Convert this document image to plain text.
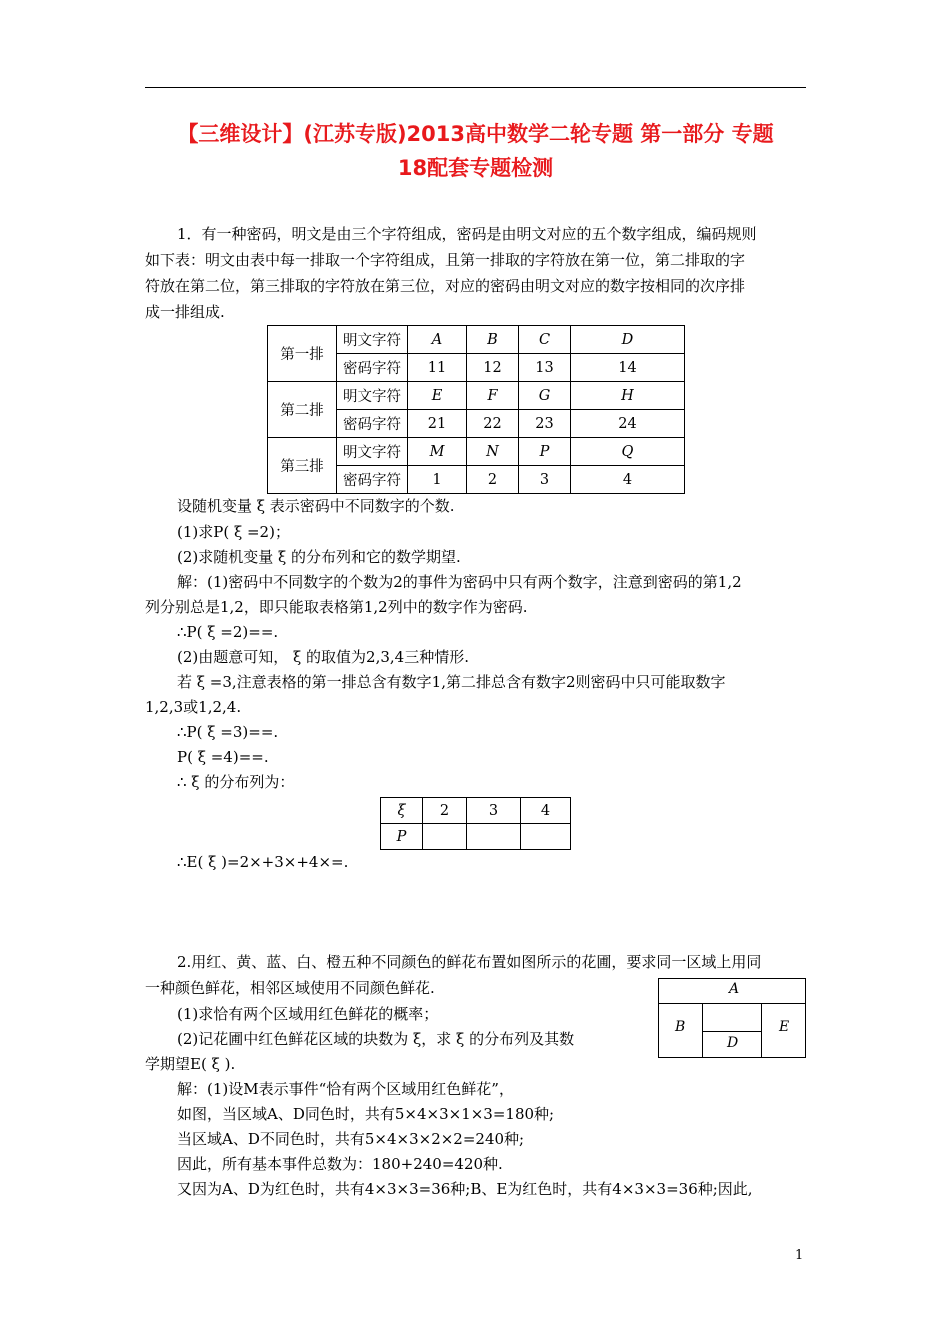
【三维设计】(江苏专版)2013高中数学二轮专题 第一部分 专题
18配套专题检测
1．有一种密码，明文是由三个字符组成，密码是由明文对应的五个数字组成，编码规则
如下表：明文由表中每一排取一个字符组成，且第一排取的字符放在第一位，第二排取的字
符放在第二位，第三排取的字符放在第三位，对应的密码由明文对应的数字按相同的次序排
成一排组成.
第一排	明文字符	A	B	C	D
	密码字符	11	12	13	14
第二排	明文字符	E	F	G	H
	密码字符	21	22	23	24
第三排	明文字符	M	N	P	Q
	密码字符	1	2	3	4
设随机变量 ξ 表示密码中不同数字的个数.
(1)求P( ξ =2)；
(2)求随机变量 ξ 的分布列和它的数学期望.
解：(1)密码中不同数字的个数为2的事件为密码中只有两个数字，注意到密码的第1,2
列分别总是1,2，即只能取表格第1,2列中的数字作为密码.
∴P( ξ =2)==.
(2)由题意可知， ξ 的取值为2,3,4三种情形.
若 ξ =3,注意表格的第一排总含有数字1,第二排总含有数字2则密码中只可能取数字
1,2,3或1,2,4.
∴P( ξ =3)==.
P( ξ =4)==.
∴ ξ 的分布列为：
ξ	2	3	4
P			
∴E( ξ )=2×+3×+4×=.
2.用红、黄、蓝、白、橙五种不同颜色的鲜花布置如图所示的花圃，要求同一区域上用同
一种颜色鲜花，相邻区域使用不同颜色鲜花.
(1)求恰有两个区域用红色鲜花的概率；
(2)记花圃中红色鲜花区域的块数为 ξ，求 ξ 的分布列及其数
学期望E( ξ ).
解：(1)设M表示事件“恰有两个区域用红色鲜花”，
如图，当区域A、D同色时，共有5×4×3×1×3=180种;
当区域A、D不同色时，共有5×4×3×2×2=240种;
因此，所有基本事件总数为：180+240=420种.
又因为A、D为红色时，共有4×3×3=36种;B、E为红色时，共有4×3×3=36种;因此,
A
B
D
E
1
